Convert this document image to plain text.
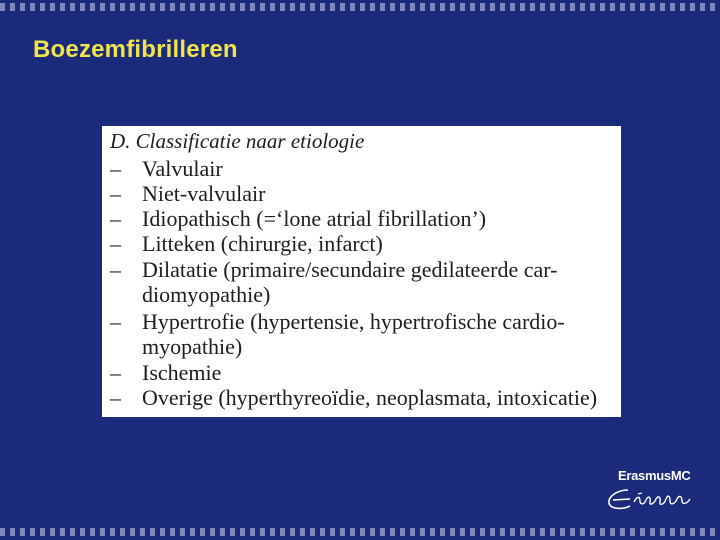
Boezemfibrilleren
D. Classificatie naar etiologie
– Valvulair
– Niet-valvulair
– Idiopathisch (=‘lone atrial fibrillation’)
– Litteken (chirurgie, infarct)
– Dilatatie (primaire/secundaire gedilateerde car-
diomyopathie)
– Hypertrofie (hypertensie, hypertrofische cardio-
myopathie)
– Ischemie
– Overige (hyperthyreoïdie, neoplasmata, intoxicatie)
ErasmusMC
